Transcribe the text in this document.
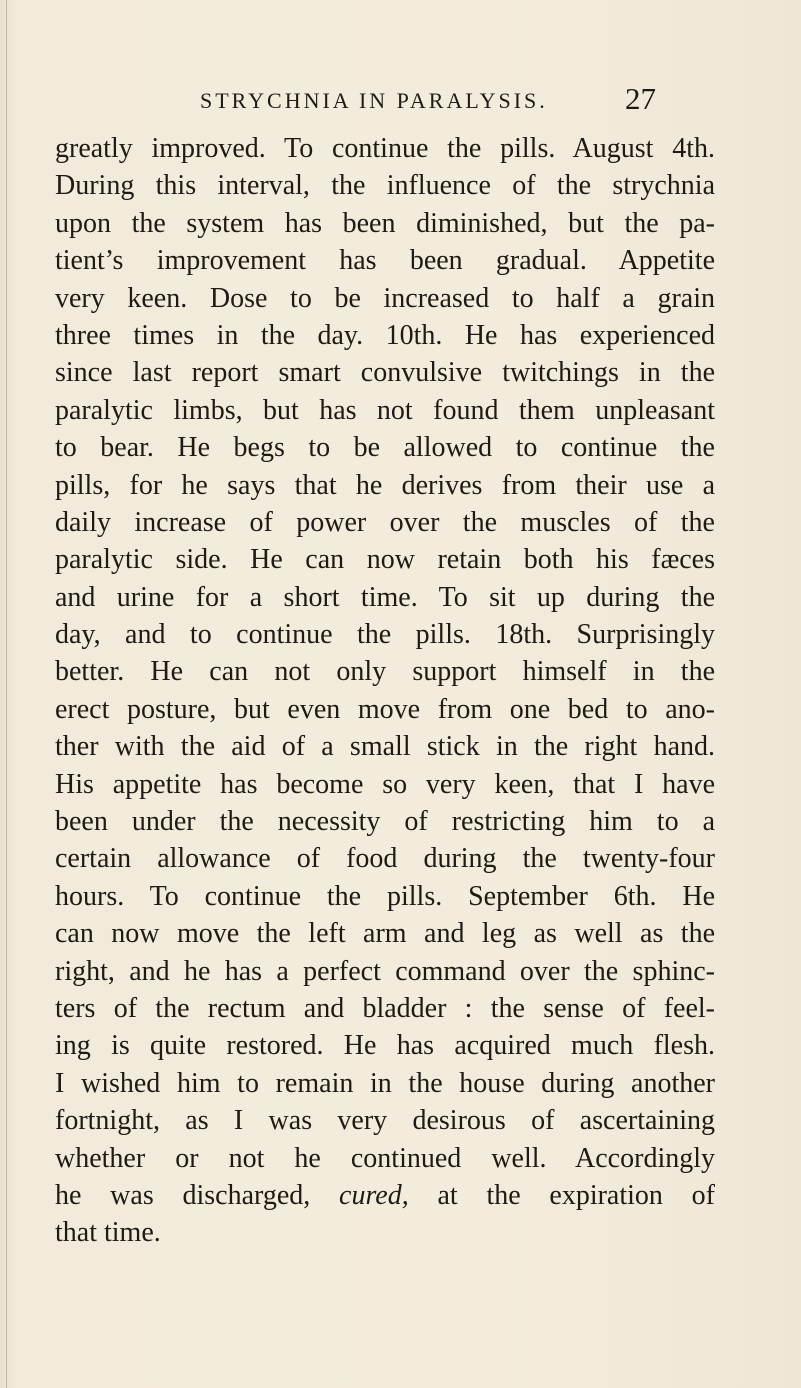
STRYCHNIA IN PARALYSIS. 27
greatly improved. To continue the pills. August 4th.
During this interval, the influence of the strychnia
upon the system has been diminished, but the pa-
tient’s improvement has been gradual. Appetite
very keen. Dose to be increased to half a grain
three times in the day. 10th. He has experienced
since last report smart convulsive twitchings in the
paralytic limbs, but has not found them unpleasant
to bear. He begs to be allowed to continue the
pills, for he says that he derives from their use a
daily increase of power over the muscles of the
paralytic side. He can now retain both his fæces
and urine for a short time. To sit up during the
day, and to continue the pills. 18th. Surprisingly
better. He can not only support himself in the
erect posture, but even move from one bed to ano-
ther with the aid of a small stick in the right hand.
His appetite has become so very keen, that I have
been under the necessity of restricting him to a
certain allowance of food during the twenty-four
hours. To continue the pills. September 6th. He
can now move the left arm and leg as well as the
right, and he has a perfect command over the sphinc-
ters of the rectum and bladder : the sense of feel-
ing is quite restored. He has acquired much flesh.
I wished him to remain in the house during another
fortnight, as I was very desirous of ascertaining
whether or not he continued well. Accordingly
he was discharged, cured, at the expiration of
that time.
